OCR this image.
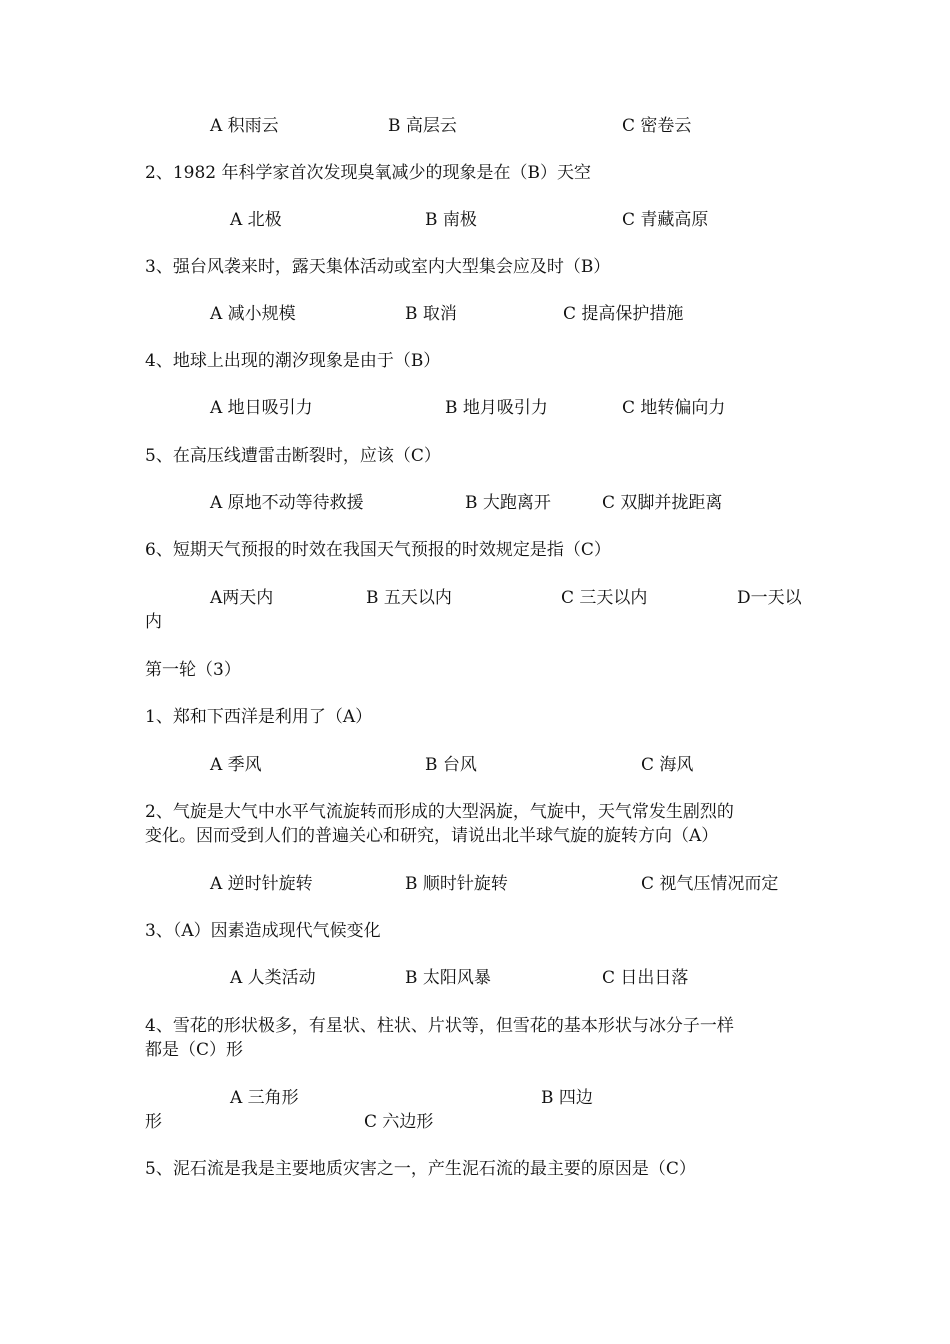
A 积雨云	B 高层云	C 密卷云
2、1982 年科学家首次发现臭氧减少的现象是在（B）天空
A 北极	B 南极	C 青藏高原
3、强台风袭来时，露天集体活动或室内大型集会应及时（B）
A 减小规模	B 取消	C 提高保护措施
4、地球上出现的潮汐现象是由于（B）
A 地日吸引力	B 地月吸引力	C 地转偏向力
5、在高压线遭雷击断裂时，应该（C）
A 原地不动等待救援	B 大跑离开	C 双脚并拢距离
6、短期天气预报的时效在我国天气预报的时效规定是指（C）
A两天内	B 五天以内	C 三天以内	D一天以
内
第一轮（3）
1、郑和下西洋是利用了（A）
A 季风	B 台风	C 海风
2、气旋是大气中水平气流旋转而形成的大型涡旋，气旋中，天气常发生剧烈的
变化。因而受到人们的普遍关心和研究，请说出北半球气旋的旋转方向（A）
A 逆时针旋转	B 顺时针旋转	C 视气压情况而定
3、（A）因素造成现代气候变化
A 人类活动	B 太阳风暴	C 日出日落
4、雪花的形状极多，有星状、柱状、片状等，但雪花的基本形状与冰分子一样
都是（C）形
A 三角形	B 四边
形	C 六边形
5、泥石流是我是主要地质灾害之一，产生泥石流的最主要的原因是（C）
